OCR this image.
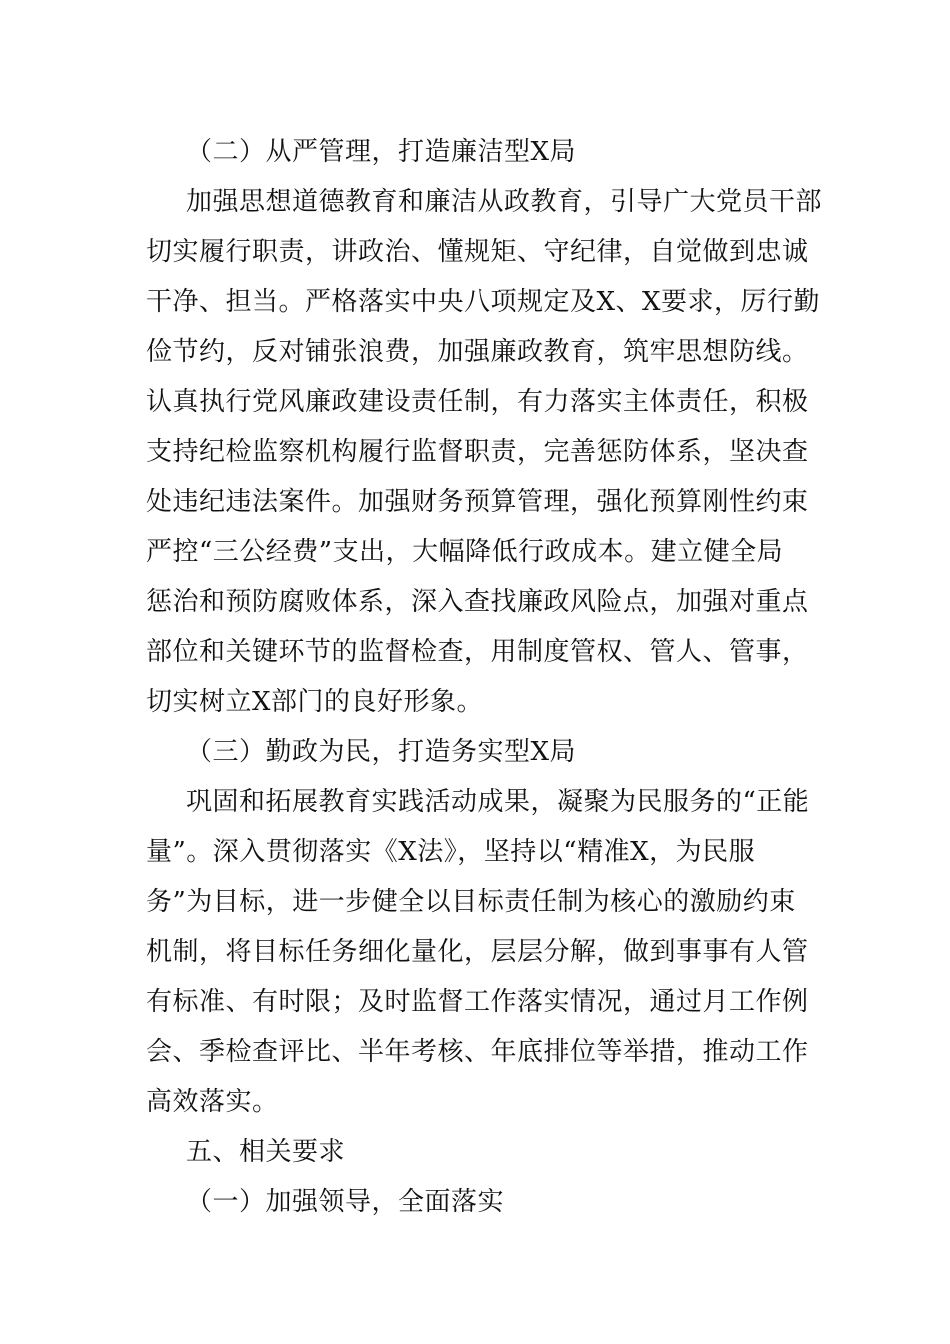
（二）从严管理，打造廉洁型X局
加强思想道德教育和廉洁从政教育，引导广大党员干部
切实履行职责，讲政治、懂规矩、守纪律，自觉做到忠诚
干净、担当。严格落实中央八项规定及X、X要求，厉行勤
俭节约，反对铺张浪费，加强廉政教育，筑牢思想防线。
认真执行党风廉政建设责任制，有力落实主体责任，积极
支持纪检监察机构履行监督职责，完善惩防体系，坚决查
处违纪违法案件。加强财务预算管理，强化预算刚性约束
严控“三公经费”支出，大幅降低行政成本。建立健全局
惩治和预防腐败体系，深入查找廉政风险点，加强对重点
部位和关键环节的监督检查，用制度管权、管人、管事，
切实树立X部门的良好形象。
（三）勤政为民，打造务实型X局
巩固和拓展教育实践活动成果，凝聚为民服务的“正能
量”。深入贯彻落实《X法》，坚持以“精准X，为民服
务”为目标，进一步健全以目标责任制为核心的激励约束
机制，将目标任务细化量化，层层分解，做到事事有人管
有标准、有时限；及时监督工作落实情况，通过月工作例
会、季检查评比、半年考核、年底排位等举措，推动工作
高效落实。
五、相关要求
（一）加强领导，全面落实
